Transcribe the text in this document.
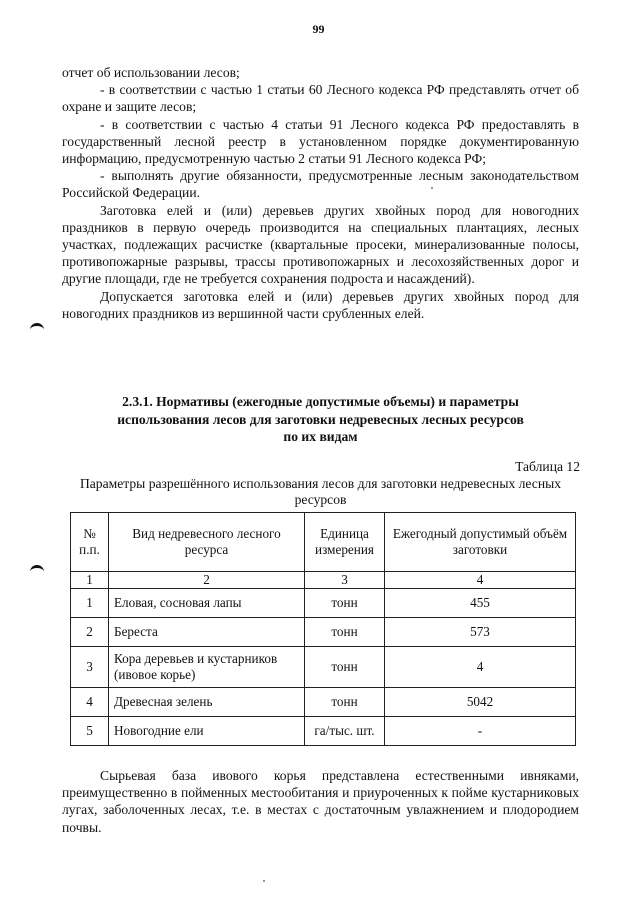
99

отчет об использовании лесов;

- в соответствии с частью 1 статьи 60 Лесного кодекса РФ представлять отчет об охране и защите лесов;

- в соответствии с частью 4 статьи 91 Лесного кодекса РФ предоставлять в государственный лесной реестр в установленном порядке документированную информацию, предусмотренную частью 2 статьи 91 Лесного кодекса РФ;

- выполнять другие обязанности, предусмотренные лесным законодательством Российской Федерации.

Заготовка елей и (или) деревьев других хвойных пород для новогодних праздников в первую очередь производится на специальных плантациях, лесных участках, подлежащих расчистке (квартальные просеки, минерализованные полосы, противопожарные разрывы, трассы противопожарных и лесохозяйственных дорог и другие площади, где не требуется сохранения подроста и насаждений).

Допускается заготовка елей и (или) деревьев других хвойных пород для новогодних праздников из вершинной части срубленных елей.

2.3.1. Нормативы (ежегодные допустимые объемы) и параметры
использования лесов для заготовки недревесных лесных ресурсов
по их видам
Таблица 12
Параметры разрешённого использования лесов для заготовки недревесных лесных ресурсов
№ п.п.	Вид недревесного лесного ресурса	Единица измерения	Ежегодный допустимый объём заготовки
1	2	3	4
1	Еловая, сосновая лапы	тонн	455
2	Береста	тонн	573
3	Кора деревьев и кустарников (ивовое корье)	тонн	4
4	Древесная зелень	тонн	5042
5	Новогодние ели	га/тыс. шт.	-

Сырьевая база ивового корья представлена естественными ивняками, преимущественно в пойменных местообитания и приуроченных к пойме кустарниковых лугах, заболоченных лесах, т.е. в местах с достаточным увлажнением и плодородием почвы.
